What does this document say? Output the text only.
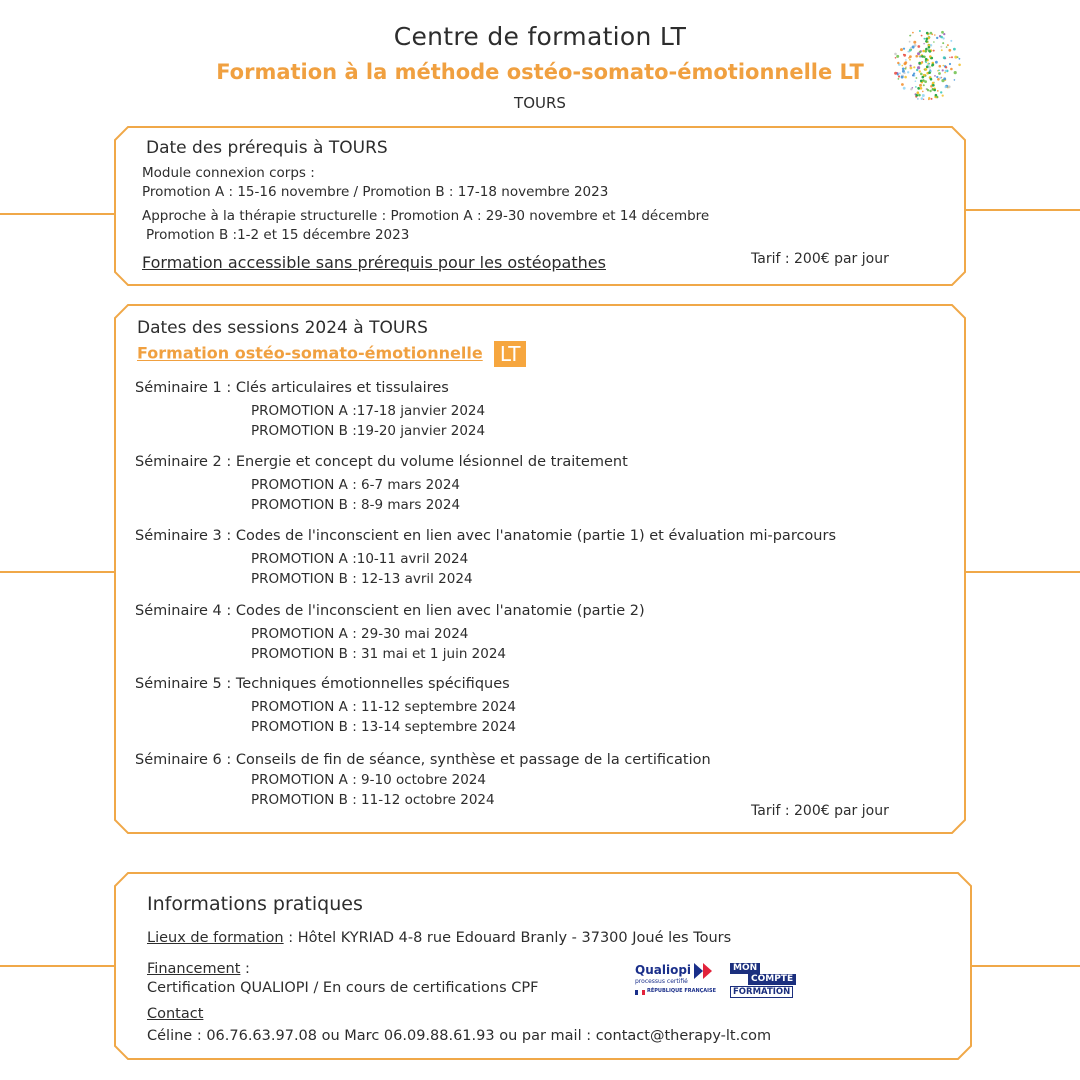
Centre de formation LT
Formation à la méthode ostéo-somato-émotionnelle LT
TOURS
Date des prérequis à TOURS
Module connexion corps :
Promotion A : 15-16 novembre / Promotion B : 17-18 novembre 2023
Approche à la thérapie structurelle : Promotion A : 29-30 novembre et 14 décembre
Promotion B :1-2 et 15 décembre 2023
Formation accessible sans prérequis pour les ostéopathes	Tarif : 200€ par jour
Dates des sessions 2024 à TOURS
Formation ostéo-somato-émotionnelle LT
Séminaire 1 : Clés articulaires et tissulaires
PROMOTION A :17-18 janvier 2024
PROMOTION B :19-20 janvier 2024
Séminaire 2 : Energie et concept du volume lésionnel de traitement
PROMOTION A : 6-7 mars 2024
PROMOTION B : 8-9 mars 2024
Séminaire 3 : Codes de l'inconscient en lien avec l'anatomie (partie 1) et évaluation mi-parcours
PROMOTION A :10-11 avril 2024
PROMOTION B : 12-13 avril 2024
Séminaire 4 : Codes de l'inconscient en lien avec l'anatomie (partie 2)
PROMOTION A : 29-30 mai 2024
PROMOTION B : 31 mai et 1 juin 2024
Séminaire 5 : Techniques émotionnelles spécifiques
PROMOTION A : 11-12 septembre 2024
PROMOTION B : 13-14 septembre 2024
Séminaire 6 : Conseils de fin de séance, synthèse et passage de la certification
PROMOTION A : 9-10 octobre 2024
PROMOTION B : 11-12 octobre 2024
Tarif : 200€ par jour
Informations pratiques
Lieux de formation : Hôtel KYRIAD 4-8 rue Edouard Branly - 37300 Joué les Tours
Financement :
Certification QUALIOPI / En cours de certifications CPF
Contact
Céline : 06.76.63.97.08 ou Marc 06.09.88.61.93 ou par mail : contact@therapy-lt.com
Qualiopi
processus certifié
RÉPUBLIQUE FRANÇAISE
MON
COMPTE
FORMATION
